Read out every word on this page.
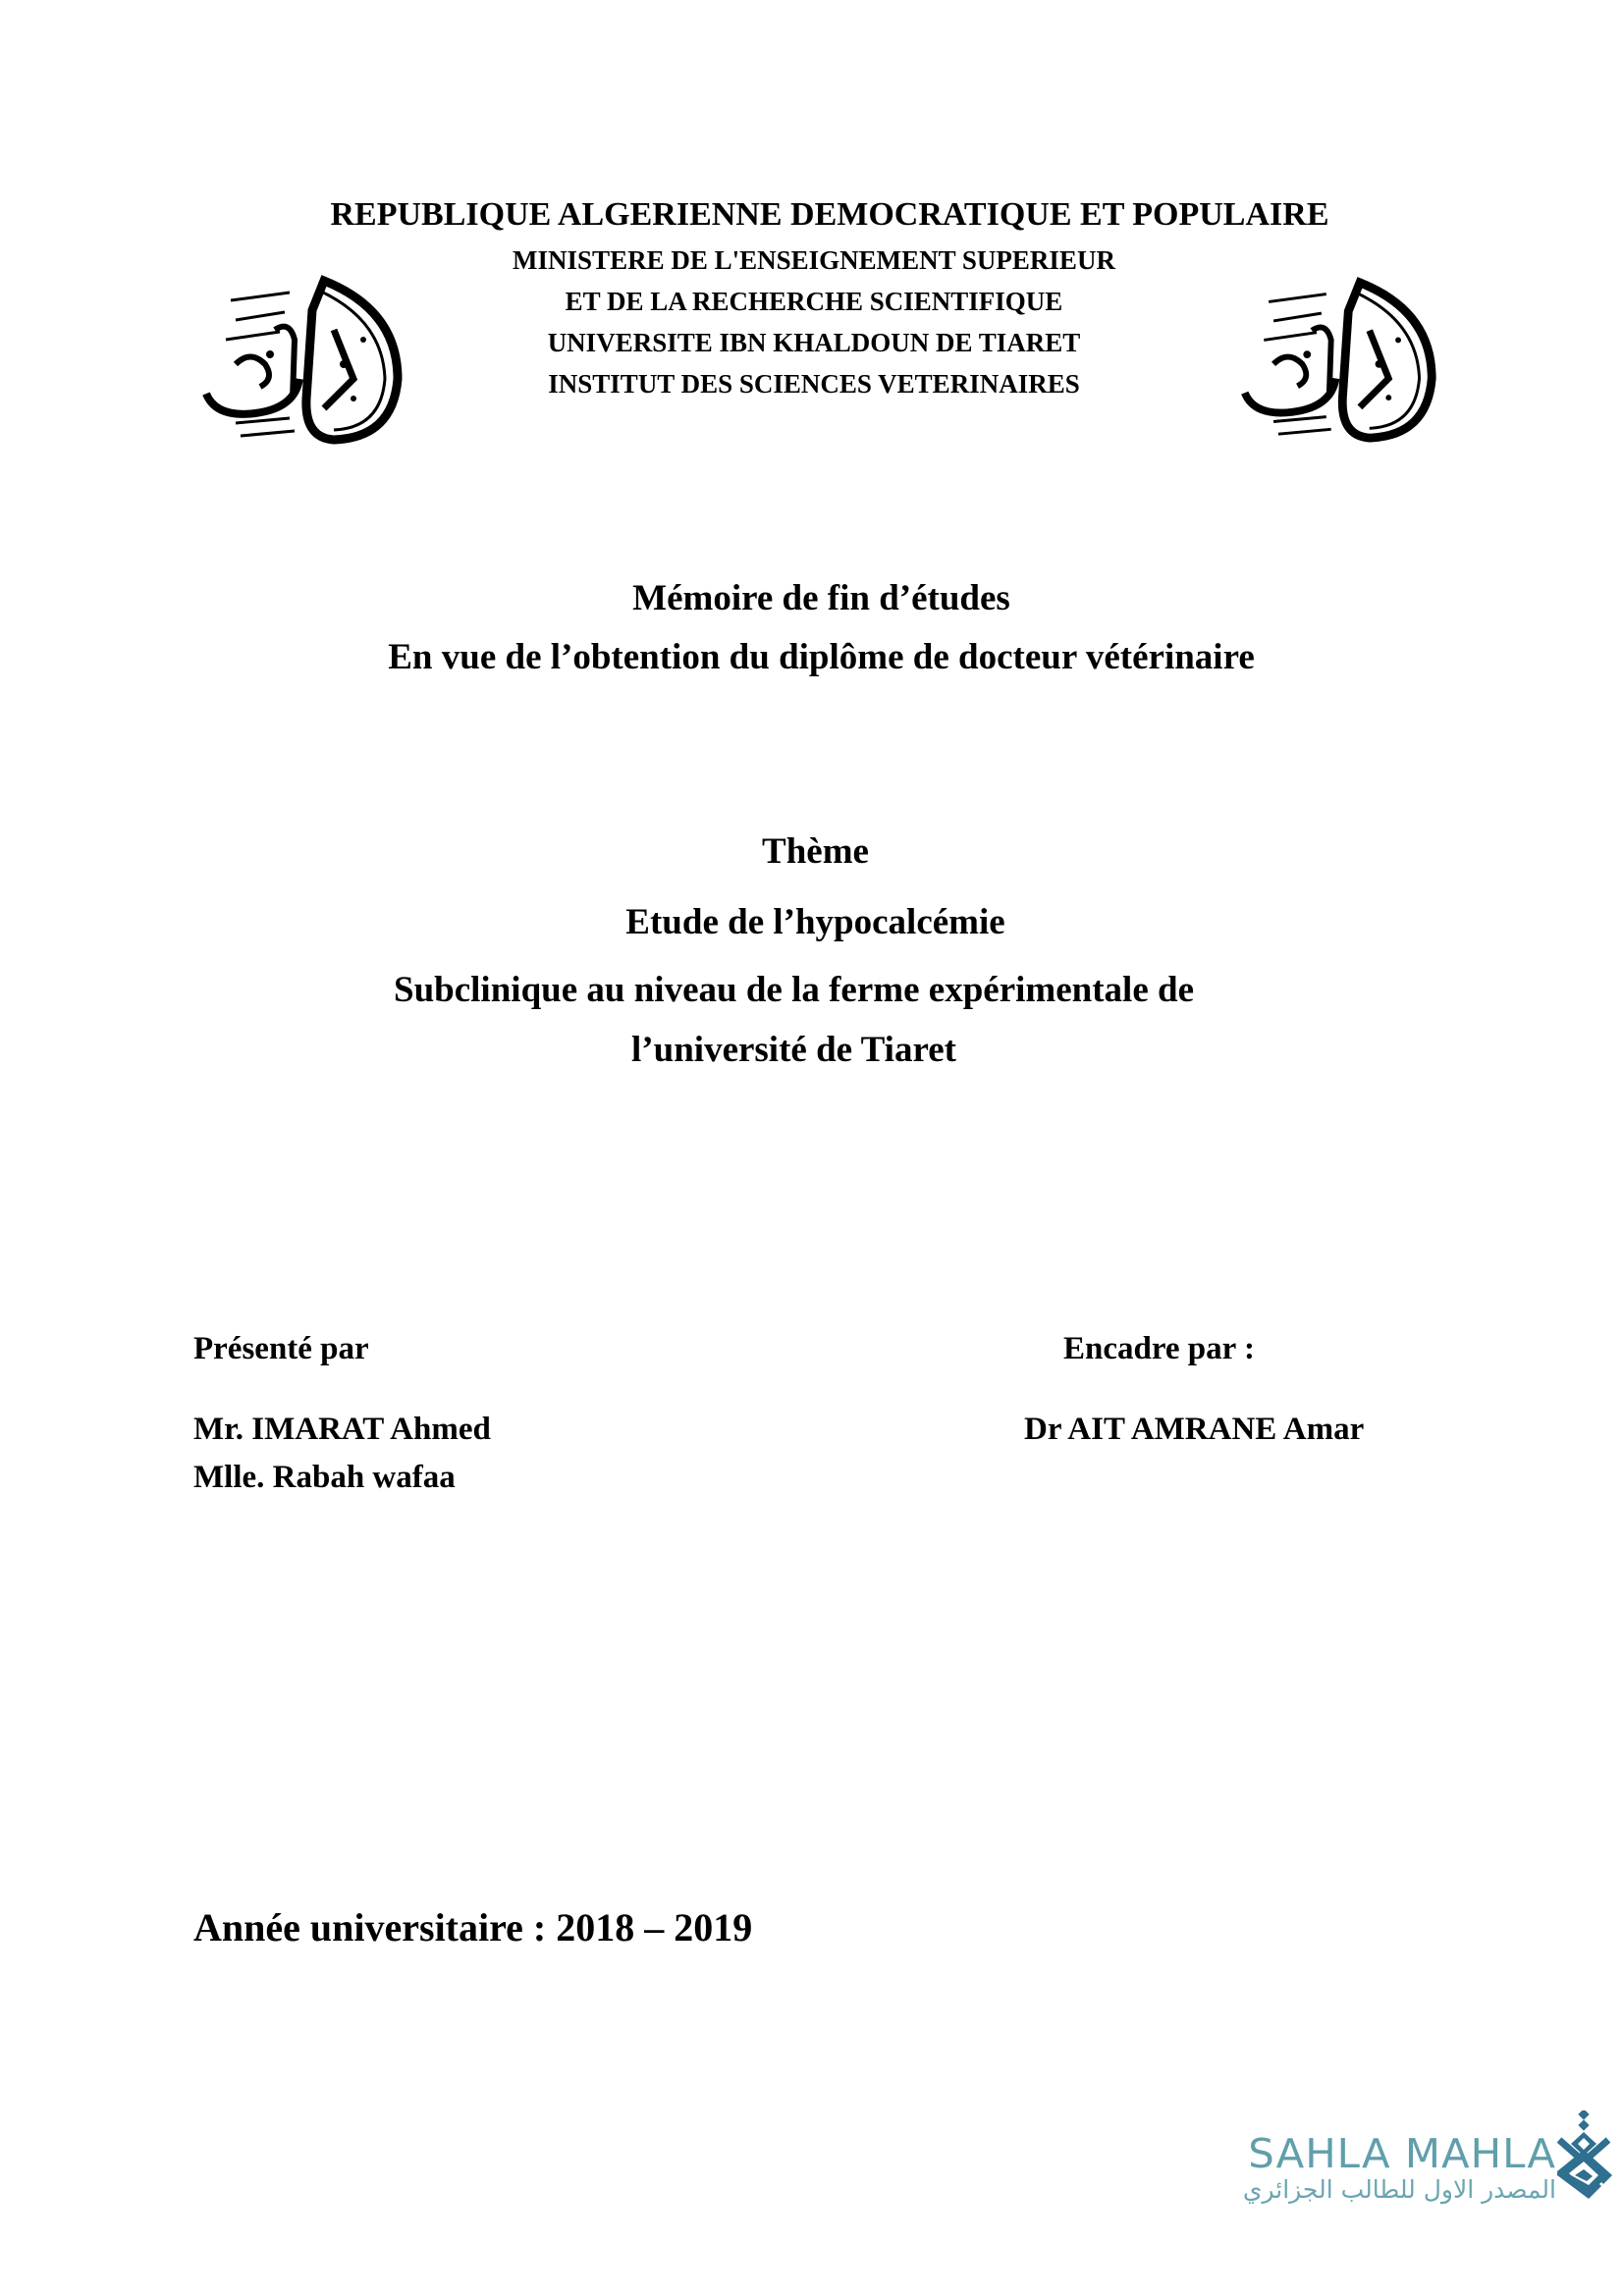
REPUBLIQUE ALGERIENNE DEMOCRATIQUE ET POPULAIRE
MINISTERE DE L'ENSEIGNEMENT SUPERIEUR
ET DE LA RECHERCHE SCIENTIFIQUE
UNIVERSITE IBN KHALDOUN DE TIARET
INSTITUT DES SCIENCES VETERINAIRES
Mémoire de fin d’études
En vue de l’obtention du diplôme de docteur vétérinaire
Thème
Etude de l’hypocalcémie
Subclinique au niveau de la ferme expérimentale de
l’université de Tiaret
Présenté par
Mr. IMARAT Ahmed
Mlle. Rabah wafaa
Encadre par :
Dr AIT AMRANE Amar
Année universitaire : 2018 – 2019
SAHLA MAHLA
المصدر الاول للطالب الجزائري
